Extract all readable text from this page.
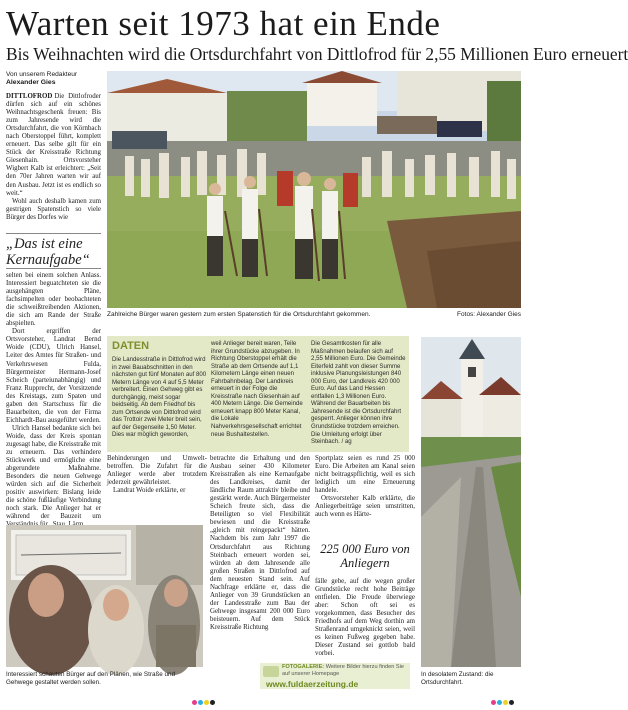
Warten seit 1973 hat ein Ende
Bis Weihnachten wird die Ortsdurchfahrt von Dittlofrod für 2,55 Millionen Euro erneuert
Von unserem Redakteur
Alexander Gies

DITTLOFROD Die Dittlofroder dürfen sich auf ein schönes Weihnachtsgeschenk freuen: Bis zum Jahresende wird die Ortsdurchfahrt, die von Körnbach nach Oberstoppel führt, komplett erneuert. Das selbe gilt für ein Stück der Kreisstraße Richtung Giesenhain. Ortsvorsteher Wigbert Kalb ist erleichtert: „Seit den 70er Jahren warten wir auf den Ausbau. Jetzt ist es endlich so weit.“

Wohl auch deshalb kamen zum gestrigen Spatenstich so viele Bürger des Dorfes wie

„Das ist eine Kernaufgabe“

selten bei einem solchen Anlass. Interessiert beguatchteten sie die ausgehängten Pläne, fachsimpelten oder beobachteten die schweißtreibenden Aktionen, die sich am Rande der Straße abspielten.

Dort ergriffen der Ortsvorsteher, Landrat Bernd Woide (CDU), Ulrich Hansel, Leiter des Amtes für Straßen- und Verkehrswesen Fulda, Bürgermeister Hermann-Josef Scheich (parteiunabhängig) und Franz Rupprecht, der Vorsitzende des Kreistags, zum Spaten und gaben den Startschuss für die Bauarbeiten, die von der Firma Eichhardt-Bau ausgeführt werden.

Ulrich Hansel bedankte sich bei Woide, dass der Kreis spontan zugesagt habe, die Kreisstraße mit zu erneuern. Das verhindere Stückwerk und ermögliche eine abgerundete Maßnahme. Besonders die neuen Gehwege würden sich auf die Sicherheit positiv auswirken: Bislang leide die schöne fußläufige Verbindung noch stark. Die Anlieger hat er während der Bauzeit um

Zahlreiche Bürger waren gestern zum ersten Spatenstich für die Ortsdurchfahrt gekommen.	Fotos: Alexander Gies
DATEN
Die Landesstraße in Dittlofrod wird in zwei Bauabschnitten in den nächsten gut fünf Monaten auf 800 Metern Länge von 4 auf 5,5 Meter verbreitert. Einen Gehweg gibt es durchgängig, meist sogar beidseitig. Ab dem Friedhof bis zum Ortsende von Dittlofrod wird das Trottoir zwei Meter breit sein, auf der Gegenseite 1,50 Meter. Dies war möglich geworden,
weil Anlieger bereit waren, Teile ihrer Grundstücke abzugeben. In Richtung Oberstoppel erhält die Straße ab dem Ortsende auf 1,1 Kilometern Länge einen neuen Fahrbahnbelag. Der Landkreis erneuert in der Folge die Kreisstraße nach Giesenhain auf 400 Metern Länge. Die Gemeinde erneuert knapp 800 Meter Kanal, die Lokale Nahverkehrsgesellschaft errichtet neue Bushaltestellen.
Die Gesamtkosten für alle Maßnahmen belaufen sich auf 2,55 Millionen Euro. Die Gemeinde Eiterfeld zahlt von dieser Summe inklusive Planungsleistungen 840 000 Euro, der Landkreis 420 000 Euro. Auf das Land Hessen entfallen 1,3 Millionen Euro. Während der Bauarbeiten bis Jahresende ist die Ortsdurchfahrt gesperrt. Anlieger können ihre Grundstücke trotzdem erreichen. Die Umleitung erfolgt über Steinbach. / ag
In desolatem Zustand: die Ortsdurchfahrt.
Interessiert schauten Bürger auf den Plänen, wie Straße und Gehwege gestaltet werden sollen.

Behinderungen und Umwelt- betroffen. Die Zufahrt für die Anlieger werde aber trotzdem jederzeit gewährleistet.

Landrat Woide erklärte, er

betrachte die Erhaltung und den Ausbau seiner 430 Kilometer Kreisstraßen als eine Kernaufgabe des Landkreises, damit der ländliche Raum attraktiv bleibe und gestärkt werde. Auch Bürgermeister Scheich freute sich, dass die Beteiligten so viel Flexibilität bewiesen und die Kreisstraße „gleich mit reingepackt“ hätten. Nachdem bis zum Jahr 1997 die Ortsdurchfahrt aus Richtung Steinbach erneuert worden sei, würden ab dem Jahresende alle großen Straßen in Dittlofrod auf dem neuesten Stand sein. Auf Nachfrage erklärte er, dass die Anlieger von 39 Grundstücken an der Landesstraße zum Bau der Gehwege insgesamt 200 000 Euro beisteuern. Auf dem Stück Kreisstraße Richtung

Sportplatz seien es rund 25 000 Euro. Die Arbeiten am Kanal seien nicht beitragspflichtig, weil es sich lediglich um eine Erneuerung handele.

Ortsvorsteher Kalb erklärte, die Anliegerbeiträge seien umstritten, auch wenn es Härte-

225 000 Euro von Anliegern
fälle gebe, auf die wegen großer Grundstücke recht hohe Beiträge entfielen. Die Freude überwiege aber: Schon oft sei es vorgekommen, dass Besucher des Friedhofs auf dem Weg dorthin am Straßenrand umgeknickt seien, weil es keinen Fußweg gegeben habe. Dieser Zustand sei gottlob bald vorbei.
FOTOGALERIE: Weitere Bilder hierzu finden Sie auf unserer Homepage
www.fuldaerzeitung.de
